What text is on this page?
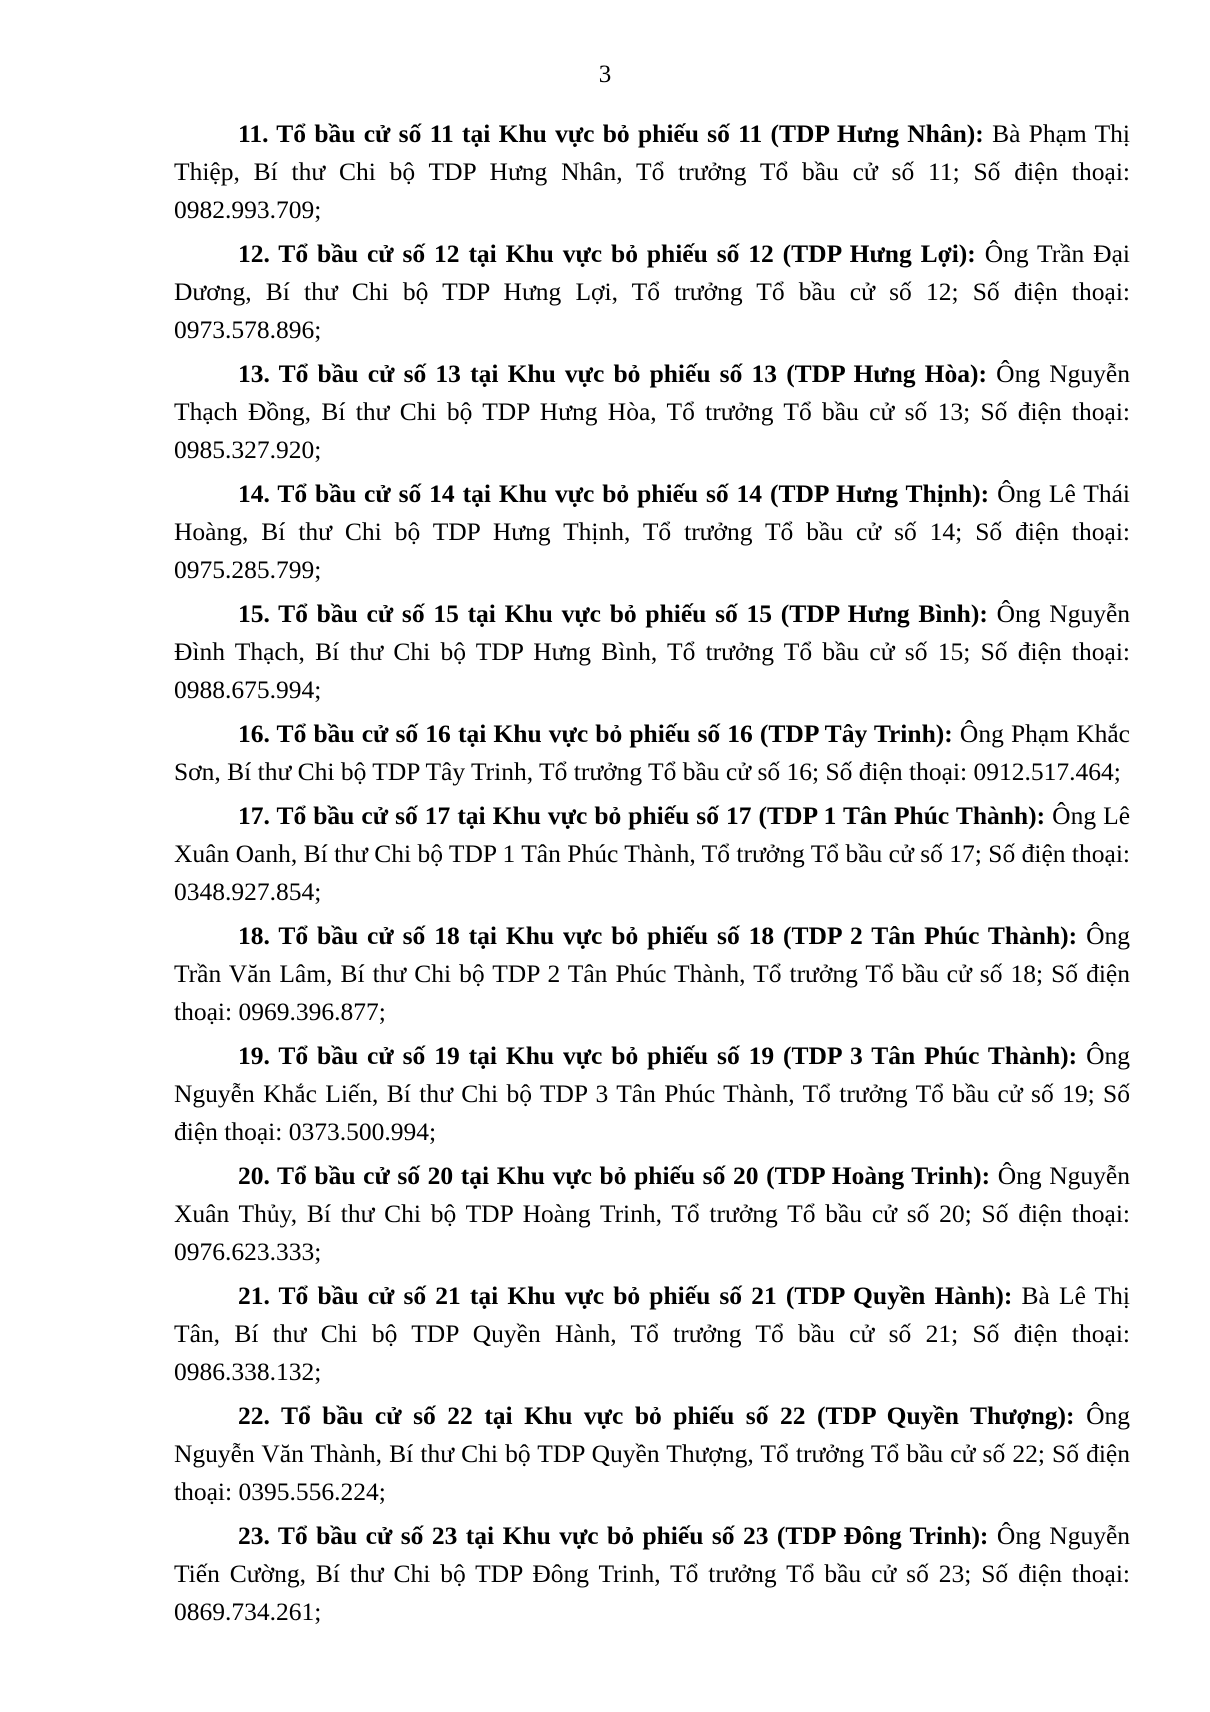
3

11. Tổ bầu cử số 11 tại Khu vực bỏ phiếu số 11 (TDP Hưng Nhân): Bà Phạm Thị Thiệp, Bí thư Chi bộ TDP Hưng Nhân, Tổ trưởng Tổ bầu cử số 11; Số điện thoại: 0982.993.709;

12. Tổ bầu cử số 12 tại Khu vực bỏ phiếu số 12 (TDP Hưng Lợi): Ông Trần Đại Dương, Bí thư Chi bộ TDP Hưng Lợi, Tổ trưởng Tổ bầu cử số 12; Số điện thoại: 0973.578.896;

13. Tổ bầu cử số 13 tại Khu vực bỏ phiếu số 13 (TDP Hưng Hòa): Ông Nguyễn Thạch Đồng, Bí thư Chi bộ TDP Hưng Hòa, Tổ trưởng Tổ bầu cử số 13; Số điện thoại: 0985.327.920;

14. Tổ bầu cử số 14 tại Khu vực bỏ phiếu số 14 (TDP Hưng Thịnh): Ông Lê Thái Hoàng, Bí thư Chi bộ TDP Hưng Thịnh, Tổ trưởng Tổ bầu cử số 14; Số điện thoại: 0975.285.799;

15. Tổ bầu cử số 15 tại Khu vực bỏ phiếu số 15 (TDP Hưng Bình): Ông Nguyễn Đình Thạch, Bí thư Chi bộ TDP Hưng Bình, Tổ trưởng Tổ bầu cử số 15; Số điện thoại: 0988.675.994;

16. Tổ bầu cử số 16 tại Khu vực bỏ phiếu số 16 (TDP Tây Trinh): Ông Phạm Khắc Sơn, Bí thư Chi bộ TDP Tây Trinh, Tổ trưởng Tổ bầu cử số 16; Số điện thoại: 0912.517.464;

17. Tổ bầu cử số 17 tại Khu vực bỏ phiếu số 17 (TDP 1 Tân Phúc Thành): Ông Lê Xuân Oanh, Bí thư Chi bộ TDP 1 Tân Phúc Thành, Tổ trưởng Tổ bầu cử số 17; Số điện thoại: 0348.927.854;

18. Tổ bầu cử số 18 tại Khu vực bỏ phiếu số 18 (TDP 2 Tân Phúc Thành): Ông Trần Văn Lâm, Bí thư Chi bộ TDP 2 Tân Phúc Thành, Tổ trưởng Tổ bầu cử số 18; Số điện thoại: 0969.396.877;

19. Tổ bầu cử số 19 tại Khu vực bỏ phiếu số 19 (TDP 3 Tân Phúc Thành): Ông Nguyễn Khắc Liến, Bí thư Chi bộ TDP 3 Tân Phúc Thành, Tổ trưởng Tổ bầu cử số 19; Số điện thoại: 0373.500.994;

20. Tổ bầu cử số 20 tại Khu vực bỏ phiếu số 20 (TDP Hoàng Trinh): Ông Nguyễn Xuân Thủy, Bí thư Chi bộ TDP Hoàng Trinh, Tổ trưởng Tổ bầu cử số 20; Số điện thoại: 0976.623.333;

21. Tổ bầu cử số 21 tại Khu vực bỏ phiếu số 21 (TDP Quyền Hành): Bà Lê Thị Tân, Bí thư Chi bộ TDP Quyền Hành, Tổ trưởng Tổ bầu cử số 21; Số điện thoại: 0986.338.132;

22. Tổ bầu cử số 22 tại Khu vực bỏ phiếu số 22 (TDP Quyền Thượng): Ông Nguyễn Văn Thành, Bí thư Chi bộ TDP Quyền Thượng, Tổ trưởng Tổ bầu cử số 22; Số điện thoại: 0395.556.224;

23. Tổ bầu cử số 23 tại Khu vực bỏ phiếu số 23 (TDP Đông Trinh): Ông Nguyễn Tiến Cường, Bí thư Chi bộ TDP Đông Trinh, Tổ trưởng Tổ bầu cử số 23; Số điện thoại: 0869.734.261;
